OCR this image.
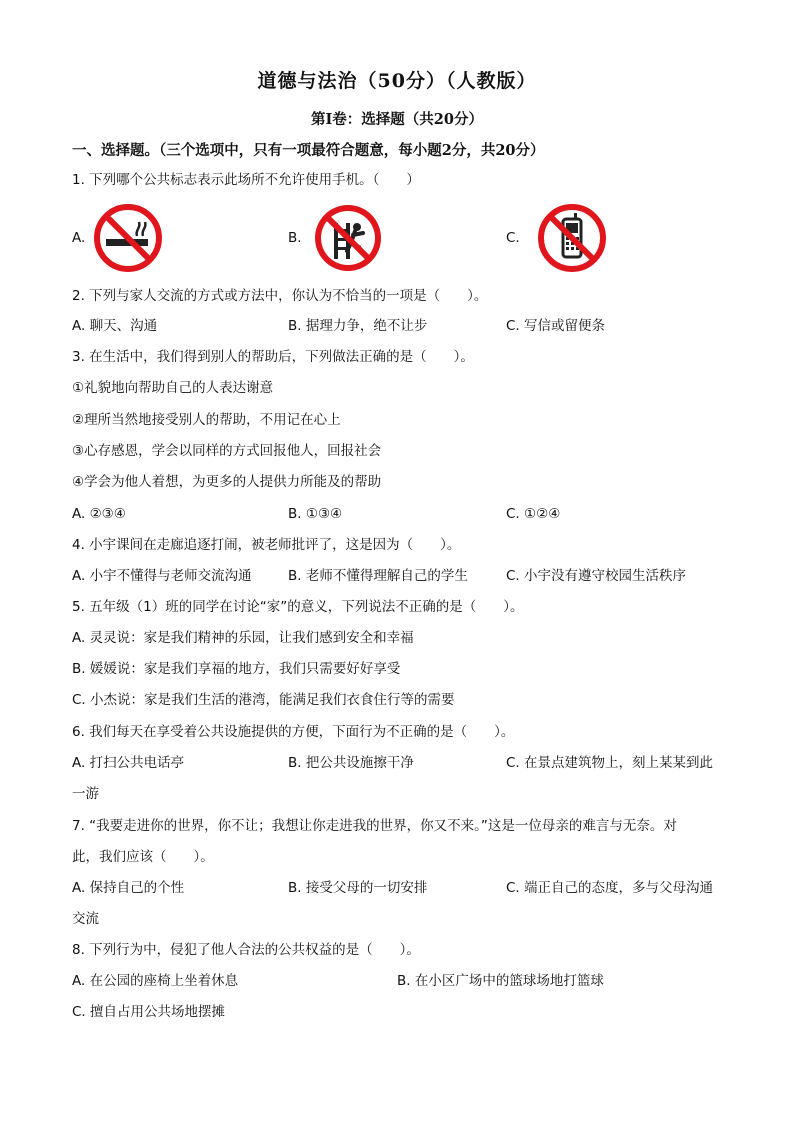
道德与法治（50分）（人教版）
第Ⅰ卷：选择题（共20分）
一、选择题。（三个选项中，只有一项最符合题意，每小题2分，共20分）
1. 下列哪个公共标志表示此场所不允许使用手机。（　　）
A.	B.	C.
2. 下列与家人交流的方式或方法中，你认为不恰当的一项是（　　）。
A. 聊天、沟通	B. 据理力争，绝不让步	C. 写信或留便条
3. 在生活中，我们得到别人的帮助后，下列做法正确的是（　　）。
①礼貌地向帮助自己的人表达谢意
②理所当然地接受别人的帮助，不用记在心上
③心存感恩，学会以同样的方式回报他人，回报社会
④学会为他人着想，为更多的人提供力所能及的帮助
A. ②③④	B. ①③④	C. ①②④
4. 小宇课间在走廊追逐打闹，被老师批评了，这是因为（　　）。
A. 小宇不懂得与老师交流沟通	B. 老师不懂得理解自己的学生	C. 小宇没有遵守校园生活秩序
5. 五年级（1）班的同学在讨论“家”的意义，下列说法不正确的是（　　）。
A. 灵灵说：家是我们精神的乐园，让我们感到安全和幸福
B. 媛媛说：家是我们享福的地方，我们只需要好好享受
C. 小杰说：家是我们生活的港湾，能满足我们衣食住行等的需要
6. 我们每天在享受着公共设施提供的方便，下面行为不正确的是（　　）。
A. 打扫公共电话亭	B. 把公共设施擦干净	C. 在景点建筑物上，刻上某某到此
一游
7. “我要走进你的世界，你不让；我想让你走进我的世界，你又不来。”这是一位母亲的难言与无奈。对
此，我们应该（　　）。
A. 保持自己的个性	B. 接受父母的一切安排	C. 端正自己的态度，多与父母沟通
交流
8. 下列行为中，侵犯了他人合法的公共权益的是（　　）。
A. 在公园的座椅上坐着休息	B. 在小区广场中的篮球场地打篮球
C. 擅自占用公共场地摆摊
